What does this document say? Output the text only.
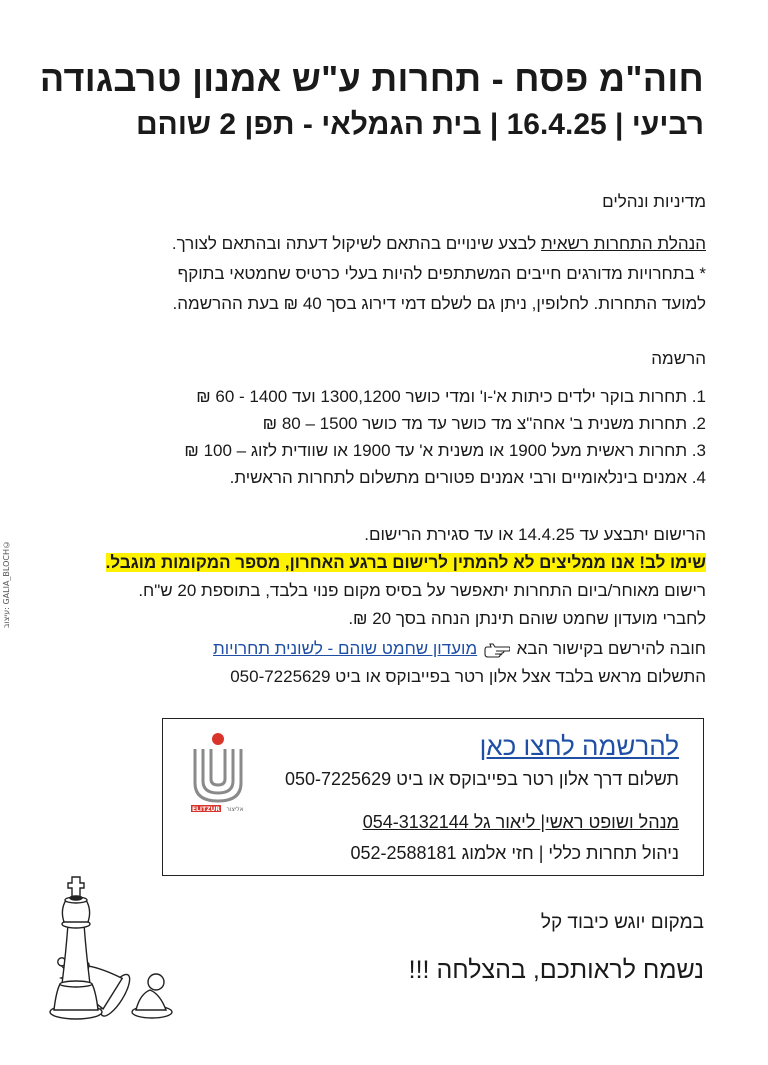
עיצוב: GALIA_BLOCH©
חוה"מ פסח - תחרות ע"ש אמנון טרבגודה
רביעי | 16.4.25 | בית הגמלאי - תפן 2 שוהם
מדיניות ונהלים
הנהלת התחרות רשאית לבצע שינויים בהתאם לשיקול דעתה ובהתאם לצורך.
* בתחרויות מדורגים חייבים המשתתפים להיות בעלי כרטיס שחמטאי בתוקף
למועד התחרות. לחלופין, ניתן גם לשלם דמי דירוג בסך 40 ₪ בעת ההרשמה.
הרשמה
1. תחרות בוקר ילדים כיתות א'-ו' ומדי כושר 1300,1200 ועד 1400 - 60 ₪
2. תחרות משנית ב' אחה"צ מד כושר עד מד כושר 1500 – 80 ₪
3. תחרות ראשית מעל 1900 או משנית א' עד 1900 או שוודית לזוג – 100 ₪
4. אמנים בינלאומיים ורבי אמנים פטורים מתשלום לתחרות הראשית.
הרישום יתבצע עד 14.4.25 או עד סגירת הרישום.
שימו לב! אנו ממליצים לא להמתין לרישום ברגע האחרון, מספר המקומות מוגבל.
רישום מאוחר/ביום התחרות יתאפשר על בסיס מקום פנוי בלבד, בתוספת 20 ש"ח.
לחברי מועדון שחמט שוהם תינתן הנחה בסך 20 ₪.
חובה להירשם בקישור הבא  מועדון שחמט שוהם - לשונית תחרויות
התשלום מראש בלבד אצל אלון רטר בפייבוקס או ביט 050-7225629
ELITZUR אליצור
להרשמה לחצו כאן
תשלום דרך אלון רטר בפייבוקס או ביט 050-7225629
מנהל ושופט ראשי| ליאור גל 054-3132144
ניהול תחרות כללי | חזי אלמוג 052-2588181
במקום יוגש כיבוד קל
נשמח לראותכם, בהצלחה !!!
